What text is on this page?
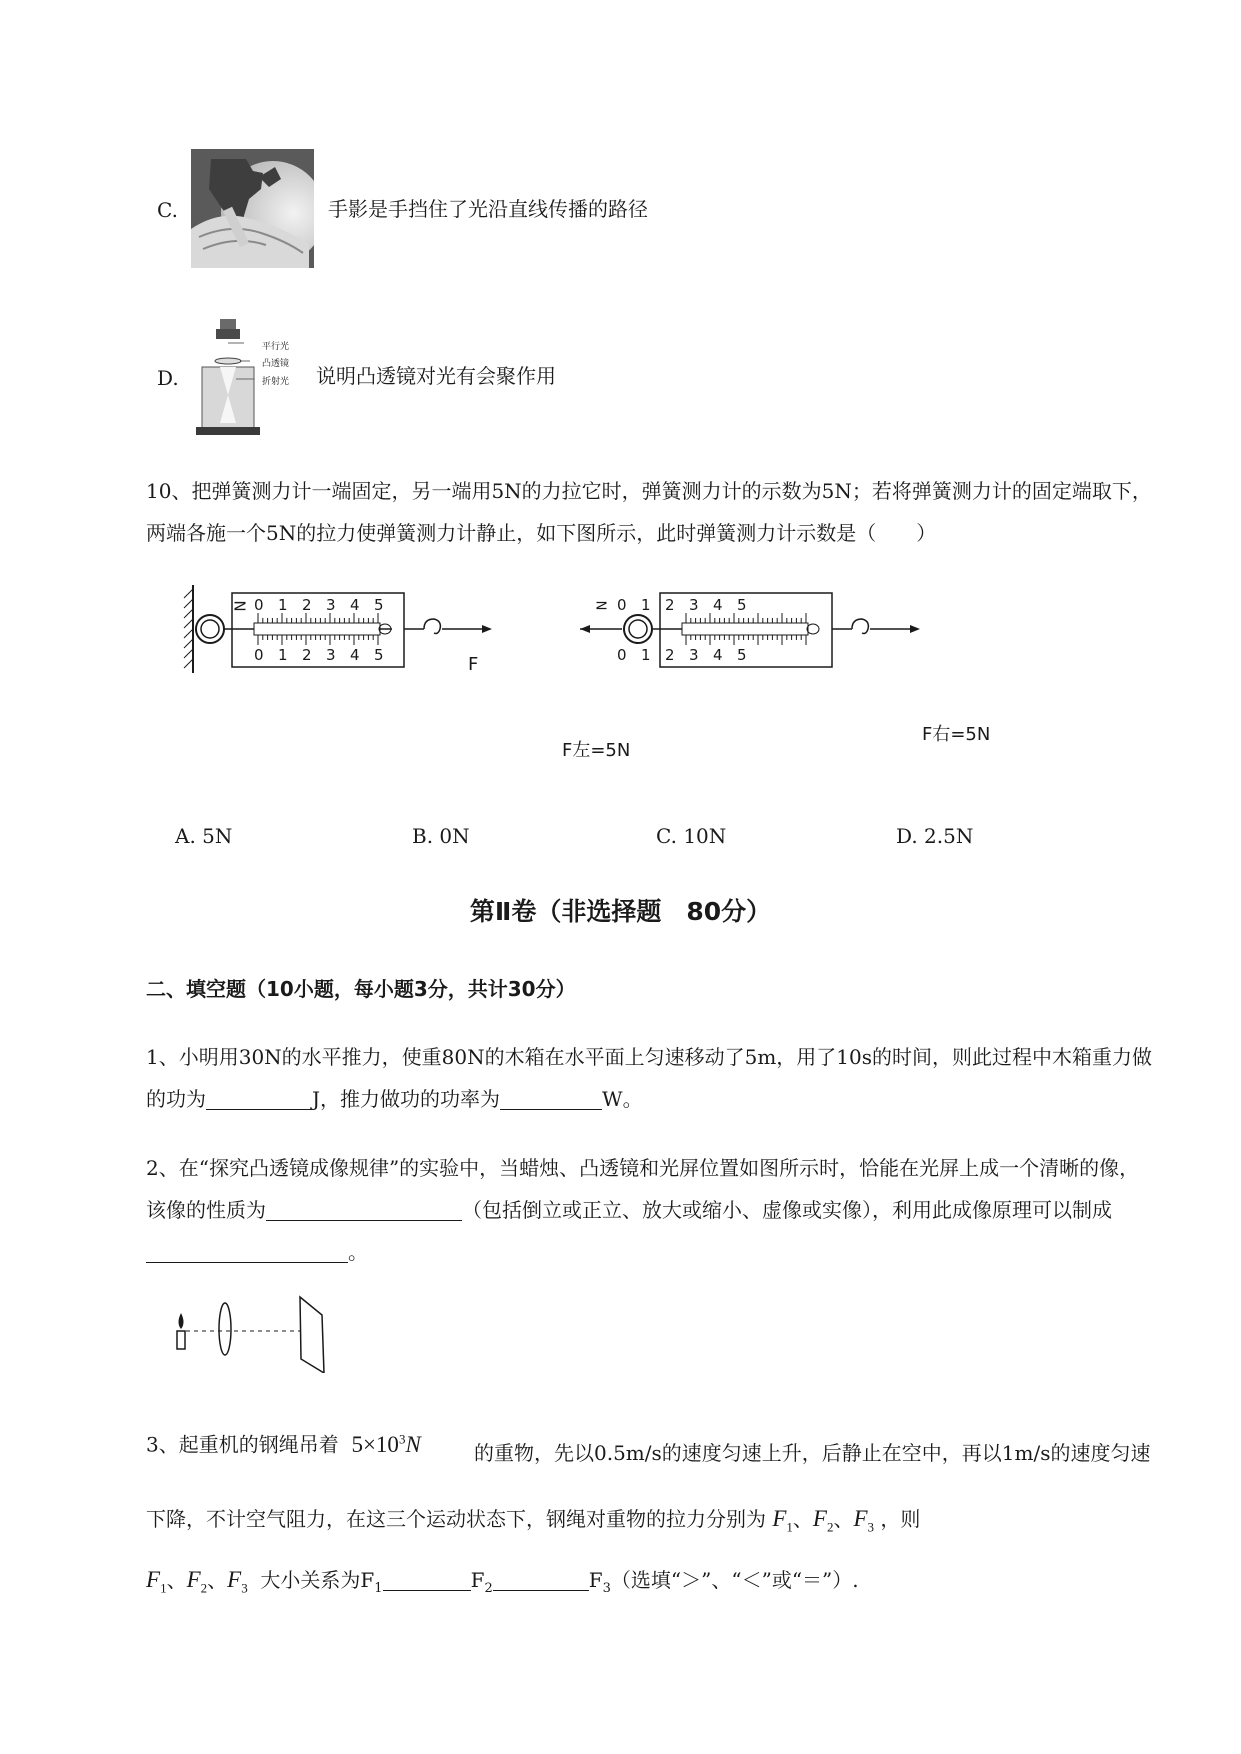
C.	手影是手挡住了光沿直线传播的路径
D.
平行光
凸透镜
折射光 说明凸透镜对光有会聚作用
10、把弹簧测力计一端固定，另一端用5N的力拉它时，弹簧测力计的示数为5N；若将弹簧测力计的固定端取下，两端各施一个5N的拉力使弹簧测力计静止，如下图所示，此时弹簧测力计示数是（　　）
N 0 1 2 3 4 5
0 1 2 3 4 5	F
0 1 2 3 4 5
0 1 2 3 4 5
N
F左=5N
F右=5N
A. 5N	B. 0N	C. 10N	D. 2.5N
第Ⅱ卷（非选择题　80分）
二、填空题（10小题，每小题3分，共计30分）
1、小明用30N的水平推力，使重80N的木箱在水平面上匀速移动了5m，用了10s的时间，则此过程中木箱重力做的功为	J，推力做功的功率为	W。
2、在“探究凸透镜成像规律”的实验中，当蜡烛、凸透镜和光屏位置如图所示时，恰能在光屏上成一个清晰的像，该像的性质为	（包括倒立或正立、放大或缩小、虚像或实像），利用此成像原理可以制成。
3、起重机的钢绳吊着 $5\times 10^3N$	的重物，先以0.5m/s的速度匀速上升，后静止在空中，再以1m/s的速度匀速下降，不计空气阻力，在这三个运动状态下，钢绳对重物的拉力分别为 $F_1$、$F_2$、$F_3$ ，则
$F_1$、$F_2$、$F_3$ 大小关系为$F_1$	$F_2$	$F_3$（选填“＞”、“＜”或“＝”）.
